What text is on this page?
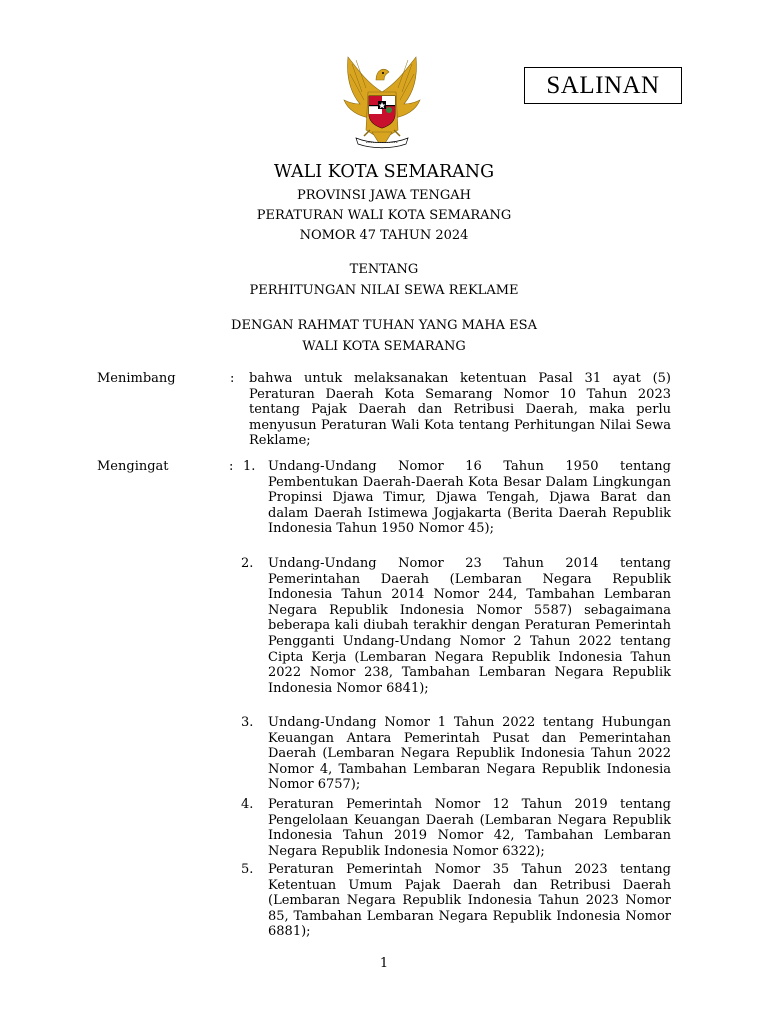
SALINAN
WALI KOTA SEMARANG
PROVINSI JAWA TENGAH
PERATURAN WALI KOTA SEMARANG
NOMOR 47 TAHUN 2024
TENTANG
PERHITUNGAN NILAI SEWA REKLAME
DENGAN RAHMAT TUHAN YANG MAHA ESA
WALI KOTA SEMARANG
Menimbang	: bahwa untuk melaksanakan ketentuan Pasal 31 ayat (5) Peraturan Daerah Kota Semarang Nomor 10 Tahun 2023 tentang Pajak Daerah dan Retribusi Daerah, maka perlu menyusun Peraturan Wali Kota tentang Perhitungan Nilai Sewa Reklame;
Mengingat	: 1. Undang-Undang Nomor 16 Tahun 1950 tentang Pembentukan Daerah-Daerah Kota Besar Dalam Lingkungan Propinsi Djawa Timur, Djawa Tengah, Djawa Barat dan dalam Daerah Istimewa Jogjakarta (Berita Daerah Republik Indonesia Tahun 1950 Nomor 45);
2.	Undang-Undang Nomor 23 Tahun 2014 tentang Pemerintahan Daerah (Lembaran Negara Republik Indonesia Tahun 2014 Nomor 244, Tambahan Lembaran Negara Republik Indonesia Nomor 5587) sebagaimana beberapa kali diubah terakhir dengan Peraturan Pemerintah Pengganti Undang-Undang Nomor 2 Tahun 2022 tentang Cipta Kerja (Lembaran Negara Republik Indonesia Tahun 2022 Nomor 238, Tambahan Lembaran Negara Republik Indonesia Nomor 6841);
3.	Undang-Undang Nomor 1 Tahun 2022 tentang Hubungan Keuangan Antara Pemerintah Pusat dan Pemerintahan Daerah (Lembaran Negara Republik Indonesia Tahun 2022 Nomor 4, Tambahan Lembaran Negara Republik Indonesia Nomor 6757);
4.	Peraturan Pemerintah Nomor 12 Tahun 2019 tentang Pengelolaan Keuangan Daerah (Lembaran Negara Republik Indonesia Tahun 2019 Nomor 42, Tambahan Lembaran Negara Republik Indonesia Nomor 6322);
5.	Peraturan Pemerintah Nomor 35 Tahun 2023 tentang Ketentuan Umum Pajak Daerah dan Retribusi Daerah (Lembaran Negara Republik Indonesia Tahun 2023 Nomor 85, Tambahan Lembaran Negara Republik Indonesia Nomor 6881);
1
